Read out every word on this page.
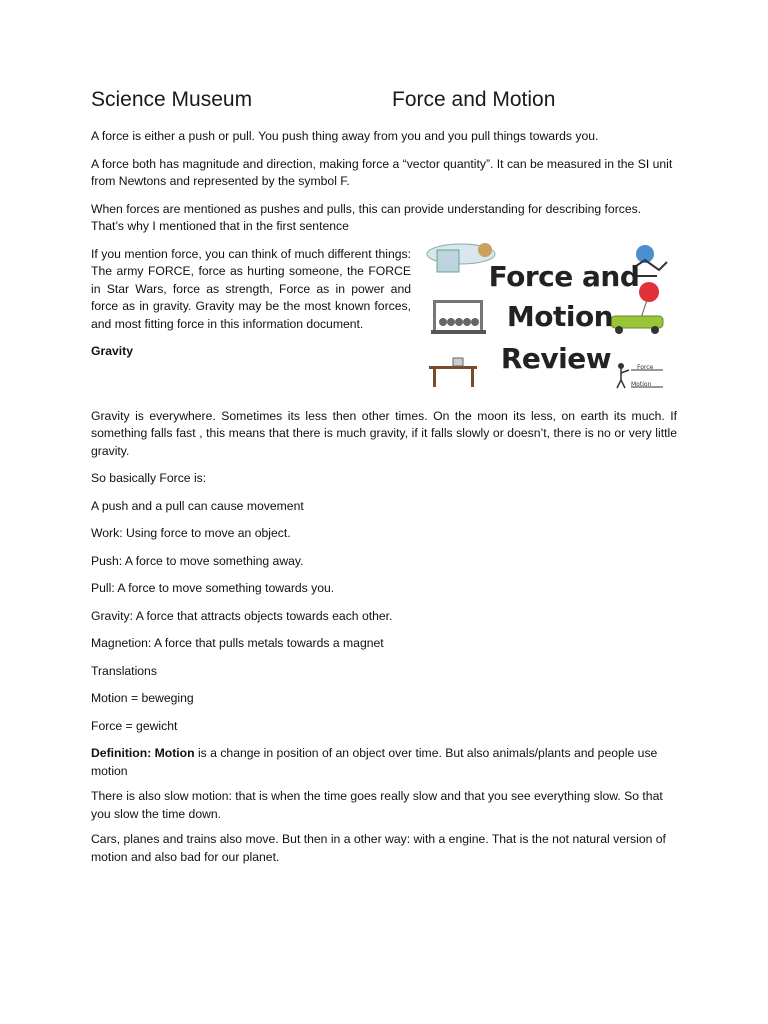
Science Museum	Force and Motion

A force is either a push or pull. You push thing away from you and you pull things towards you.

A force both has magnitude and direction, making force a “vector quantity”. It can be measured in the SI unit from Newtons and represented by the symbol F.

When forces are mentioned as pushes and pulls, this can provide understanding for describing forces. That’s why I mentioned that in the first sentence

Force and
Motion
Review	Force
Motion

If you mention force, you can think of much different things: The army FORCE, force as hurting someone, the FORCE in Star Wars, force as strength, Force as in power and force as in gravity. Gravity may be the most known forces, and most fitting force in this information document.

Gravity

Gravity is everywhere. Sometimes its less then other times. On the moon its less, on earth its much. If something falls fast , this means that there is much gravity, if it falls slowly or doesn’t, there is no or very little gravity.

So basically Force is:

A push and a pull can cause movement

Work: Using force to move an object.

Push: A force to move something away.

Pull: A force to move something towards you.

Gravity: A force that attracts objects towards each other.

Magnetion: A force that pulls metals towards a magnet

Translations

Motion = beweging

Force = gewicht

Definition: Motion is a change in position of an object over time. But also animals/plants and people use motion

There is also slow motion: that is when the time goes really slow and that you see everything slow. So that you slow the time down.

Cars, planes and trains also move. But then in a other way: with a engine. That is the not natural version of motion and also bad for our planet.
